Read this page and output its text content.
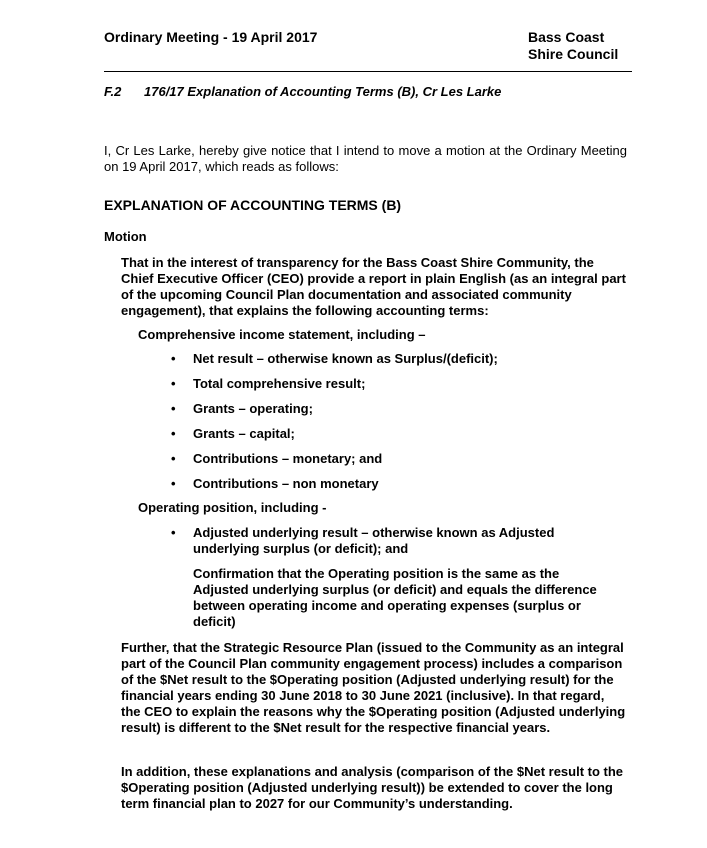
Ordinary Meeting - 19 April 2017	Bass Coast
Shire Council
F.2 176/17 Explanation of Accounting Terms (B), Cr Les Larke
I, Cr Les Larke, hereby give notice that I intend to move a motion at the Ordinary Meeting on 19 April 2017, which reads as follows:
EXPLANATION OF ACCOUNTING TERMS (B)
Motion
That in the interest of transparency for the Bass Coast Shire Community, the Chief Executive Officer (CEO) provide a report in plain English (as an integral part of the upcoming Council Plan documentation and associated community engagement), that explains the following accounting terms:
Comprehensive income statement, including –
• Net result – otherwise known as Surplus/(deficit);
• Total comprehensive result;
• Grants – operating;
• Grants – capital;
• Contributions – monetary; and
• Contributions – non monetary
Operating position, including -
• Adjusted underlying result – otherwise known as Adjusted underlying surplus (or deficit); and
Confirmation that the Operating position is the same as the Adjusted underlying surplus (or deficit) and equals the difference between operating income and operating expenses (surplus or deficit)
Further, that the Strategic Resource Plan (issued to the Community as an integral part of the Council Plan community engagement process) includes a comparison of the $Net result to the $Operating position (Adjusted underlying result) for the financial years ending 30 June 2018 to 30 June 2021 (inclusive). In that regard, the CEO to explain the reasons why the $Operating position (Adjusted underlying result) is different to the $Net result for the respective financial years.
In addition, these explanations and analysis (comparison of the $Net result to the $Operating position (Adjusted underlying result)) be extended to cover the long term financial plan to 2027 for our Community’s understanding.
